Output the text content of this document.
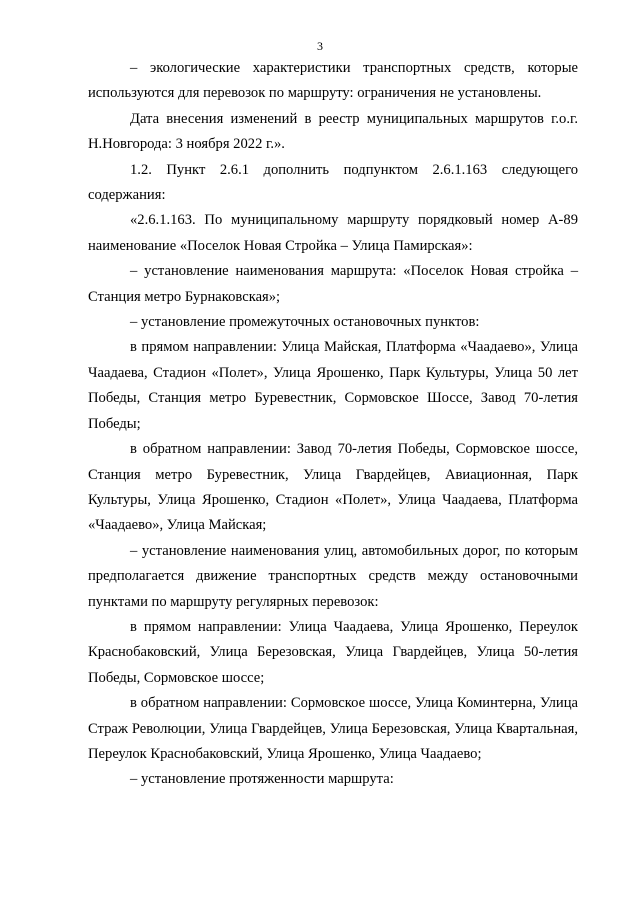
3

– экологические характеристики транспортных средств, которые используются для перевозок по маршруту: ограничения не установлены.

Дата внесения изменений в реестр муниципальных маршрутов г.о.г. Н.Новгорода: 3 ноября 2022 г.».

1.2. Пункт 2.6.1 дополнить подпунктом 2.6.1.163 следующего содержания:

«2.6.1.163. По муниципальному маршруту порядковый номер А-89 наименование «Поселок Новая Стройка – Улица Памирская»:

– установление наименования маршрута: «Поселок Новая стройка – Станция метро Бурнаковская»;

– установление промежуточных остановочных пунктов:

в прямом направлении: Улица Майская, Платформа «Чаадаево», Улица Чаадаева, Стадион «Полет», Улица Ярошенко, Парк Культуры, Улица 50 лет Победы, Станция метро Буревестник, Сормовское Шоссе, Завод 70-летия Победы;

в обратном направлении: Завод 70-летия Победы, Сормовское шоссе, Станция метро Буревестник, Улица Гвардейцев, Авиационная, Парк Культуры, Улица Ярошенко, Стадион «Полет», Улица Чаадаева, Платформа «Чаадаево», Улица Майская;

– установление наименования улиц, автомобильных дорог, по которым предполагается движение транспортных средств между остановочными пунктами по маршруту регулярных перевозок:

в прямом направлении: Улица Чаадаева, Улица Ярошенко, Переулок Краснобаковский, Улица Березовская, Улица Гвардейцев, Улица 50-летия Победы, Сормовское шоссе;

в обратном направлении: Сормовское шоссе, Улица Коминтерна, Улица Страж Революции, Улица Гвардейцев, Улица Березовская, Улица Квартальная, Переулок Краснобаковский, Улица Ярошенко, Улица Чаадаево;

– установление протяженности маршрута:
